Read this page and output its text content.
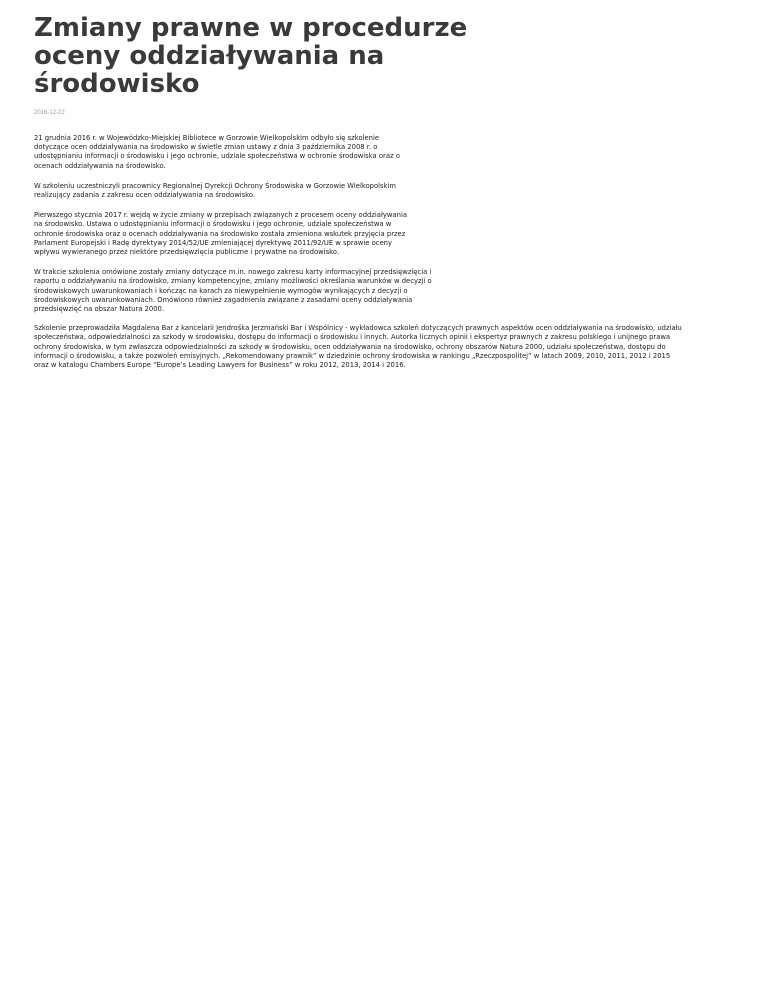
Zmiany prawne w procedurze oceny oddziaływania na środowisko
2016-12-22

21 grudnia 2016 r. w Wojewódzko-Miejskiej Bibliotece w Gorzowie Wielkopolskim odbyło się szkolenie dotyczące ocen oddziaływania na środowisko w świetle zmian ustawy z dnia 3 października 2008 r. o udostępnianiu informacji o środowisku i jego ochronie, udziale społeczeństwa w ochronie środowiska oraz o ocenach oddziaływania na środowisko.

W szkoleniu uczestniczyli pracownicy Regionalnej Dyrekcji Ochrony Środowiska w Gorzowie Wielkopolskim realizujący zadania z zakresu ocen oddziaływania na środowisko.

Pierwszego stycznia 2017 r. wejdą w życie zmiany w przepisach związanych z procesem oceny oddziaływania na środowisko. Ustawa o udostępnianiu informacji o środowisku i jego ochronie, udziale społeczeństwa w ochronie środowiska oraz o ocenach oddziaływania na środowisko została zmieniona wskutek przyjęcia przez Parlament Europejski i Radę dyrektywy 2014/52/UE zmieniającej dyrektywę 2011/92/UE w sprawie oceny wpływu wywieranego przez niektóre przedsięwzięcia publiczne i prywatne na środowisko.

W trakcie szkolenia omówione zostały zmiany dotyczące m.in. nowego zakresu karty informacyjnej przedsięwzięcia i raportu o oddziaływaniu na środowisko, zmiany kompetencyjne, zmiany możliwości określania warunków w decyzji o środowiskowych uwarunkowaniach i kończąc na karach za niewypełnienie wymogów wynikających z decyzji o środowiskowych uwarunkowaniach. Omówiono również zagadnienia związane z zasadami oceny oddziaływania przedsięwzięć na obszar Natura 2000.

Szkolenie przeprowadziła Magdalena Bar z kancelarii Jendrośka Jerzmański Bar i Wspólnicy - wykładowca szkoleń dotyczących prawnych aspektów ocen oddziaływania na środowisko, udziału społeczeństwa, odpowiedzialności za szkody w środowisku, dostępu do informacji o środowisku i innych. Autorka licznych opinii i ekspertyz prawnych z zakresu polskiego i unijnego prawa ochrony środowiska, w tym zwłaszcza odpowiedzialności za szkody w środowisku, ocen oddziaływania na środowisko, ochrony obszarów Natura 2000, udziału społeczeństwa, dostępu do informacji o środowisku, a także pozwoleń emisyjnych. „Rekomendowany prawnik” w dziedzinie ochrony środowiska w rankingu „Rzeczpospolitej” w latach 2009, 2010, 2011, 2012 i 2015 oraz w katalogu Chambers Europe “Europe’s Leading Lawyers for Business” w roku 2012, 2013, 2014 i 2016.
